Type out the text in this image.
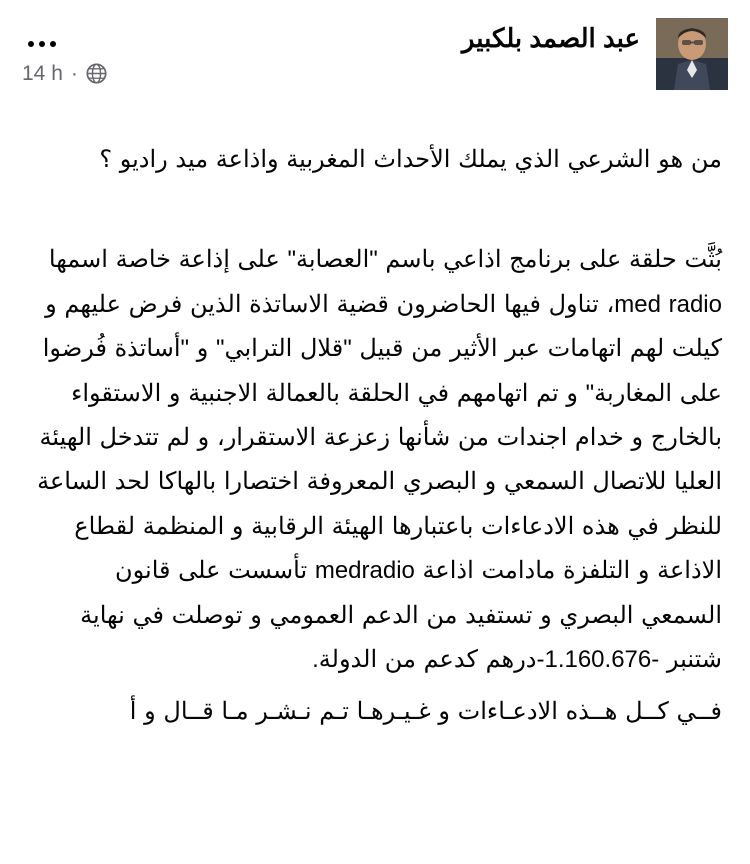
عبد الصمد بلكبير
14 h ·

من هو الشرعي الذي يملك الأحداث المغربية واذاعة ميد راديو ؟

بُثَّت حلقة على برنامج اذاعي باسم "العصابة" على إذاعة خاصة اسمها med radio، تناول فيها الحاضرون قضية الاساتذة الذين فرض عليهم و كيلت لهم اتهامات عبر الأثير من قبيل "قلال الترابي" و "أساتذة فُرضوا على المغاربة" و تم اتهامهم في الحلقة بالعمالة الاجنبية و الاستقواء بالخارج و خدام اجندات من شأنها زعزعة الاستقرار، و لم تتدخل الهيئة العليا للاتصال السمعي و البصري المعروفة اختصارا بالهاكا لحد الساعة للنظر في هذه الادعاءات باعتبارها الهيئة الرقابية و المنظمة لقطاع الاذاعة و التلفزة مادامت اذاعة medradio تأسست على قانون السمعي البصري و تستفيد من الدعم العمومي و توصلت في نهاية شتنبر -1.160.676-درهم كدعم من الدولة.

فــي كــل هــذه الادعـاءات و غـيـرهـا تـم نـشـر مـا قــال و أ
